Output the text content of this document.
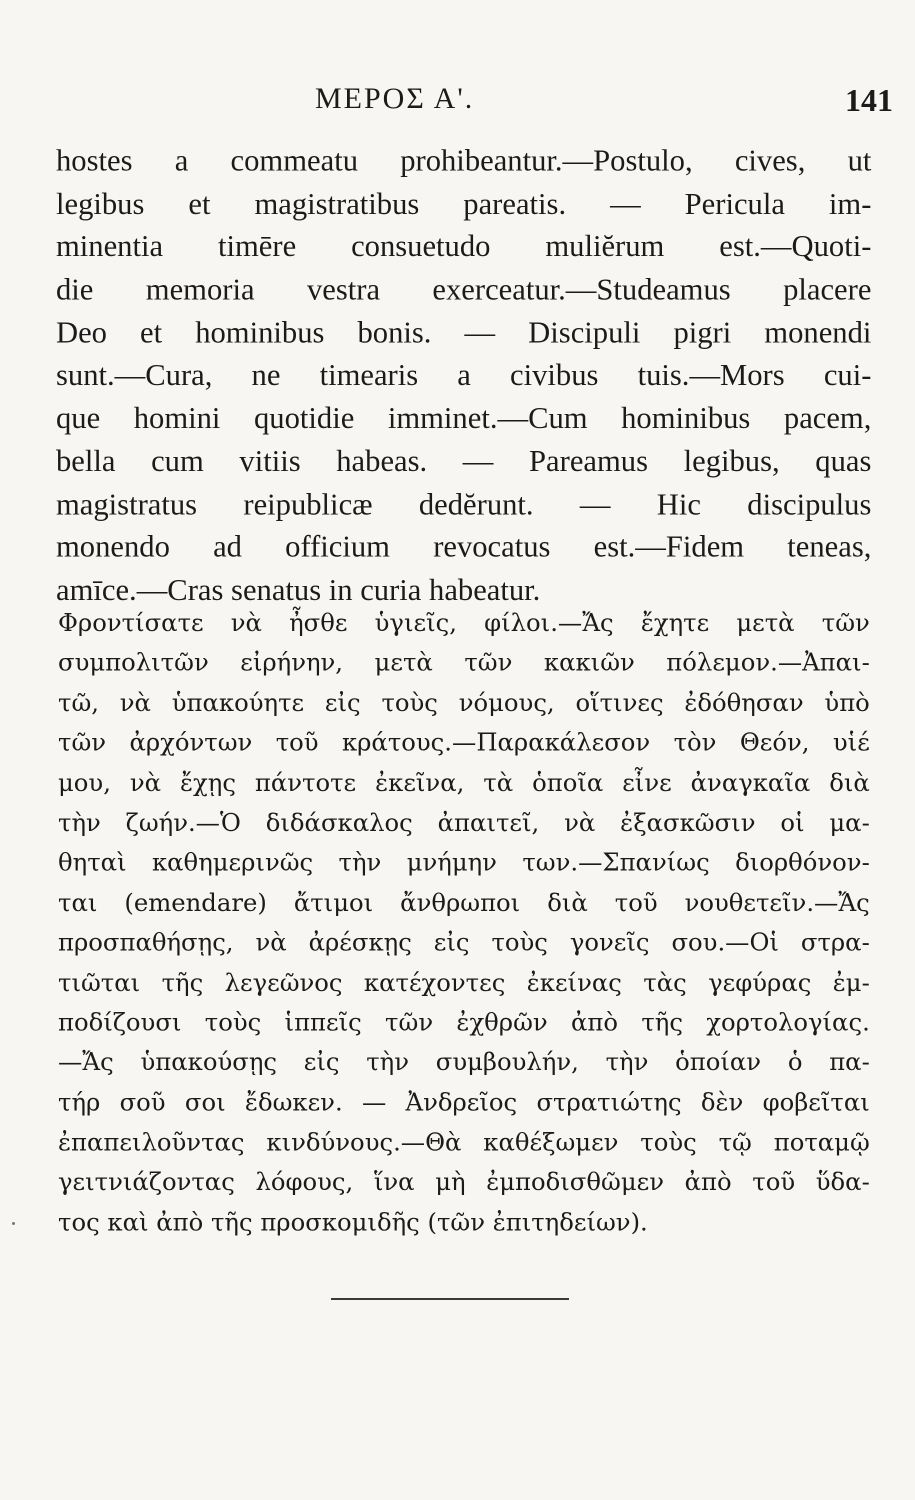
ΜΕΡΟΣ Α'.	141
hostes a commeatu prohibeantur.—Postulo, cives, ut
legibus et magistratibus pareatis. — Pericula im-
minentia timēre consuetudo muliĕrum est.—Quoti-
die memoria vestra exerceatur.—Studeamus placere
Deo et hominibus bonis. — Discipuli pigri monendi
sunt.—Cura, ne timearis a civibus tuis.—Mors cui-
que homini quotidie imminet.—Cum hominibus pacem,
bella cum vitiis habeas. — Pareamus legibus, quas
magistratus reipublicæ dedĕrunt. — Hic discipulus
monendo ad officium revocatus est.—Fidem teneas,
amīce.—Cras senatus in curia habeatur.
Φροντίσατε νὰ ἦσθε ὑγιεῖς, φίλοι.—Ἄς ἔχητε μετὰ τῶν
συμπολιτῶν εἰρήνην, μετὰ τῶν κακιῶν πόλεμον.—Ἀπαι-
τῶ, νὰ ὑπακούητε εἰς τοὺς νόμους, οἵτινες ἐδόθησαν ὑπὸ
τῶν ἀρχόντων τοῦ κράτους.—Παρακάλεσον τὸν Θεόν, υἱέ
μου, νὰ ἔχῃς πάντοτε ἐκεῖνα, τὰ ὁποῖα εἶνε ἀναγκαῖα διὰ
τὴν ζωήν.—Ὁ διδάσκαλος ἀπαιτεῖ, νὰ ἐξασκῶσιν οἱ μα-
θηταὶ καθημερινῶς τὴν μνήμην των.—Σπανίως διορθόνον-
ται (emendare) ἄτιμοι ἄνθρωποι διὰ τοῦ νουθετεῖν.—Ἄς
προσπαθήσῃς, νὰ ἀρέσκῃς εἰς τοὺς γονεῖς σου.—Οἱ στρα-
τιῶται τῆς λεγεῶνος κατέχοντες ἐκείνας τὰς γεφύρας ἐμ-
ποδίζουσι τοὺς ἱππεῖς τῶν ἐχθρῶν ἀπὸ τῆς χορτολογίας.
—Ἄς ὑπακούσῃς εἰς τὴν συμβουλήν, τὴν ὁποίαν ὁ πα-
τήρ σοῦ σοι ἔδωκεν. — Ἀνδρεῖος στρατιώτης δὲν φοβεῖται
ἐπαπειλοῦντας κινδύνους.—Θὰ καθέξωμεν τοὺς τῷ ποταμῷ
γειτνιάζοντας λόφους, ἵνα μὴ ἐμποδισθῶμεν ἀπὸ τοῦ ὕδα-
τος καὶ ἀπὸ τῆς προσκομιδῆς (τῶν ἐπιτηδείων).
